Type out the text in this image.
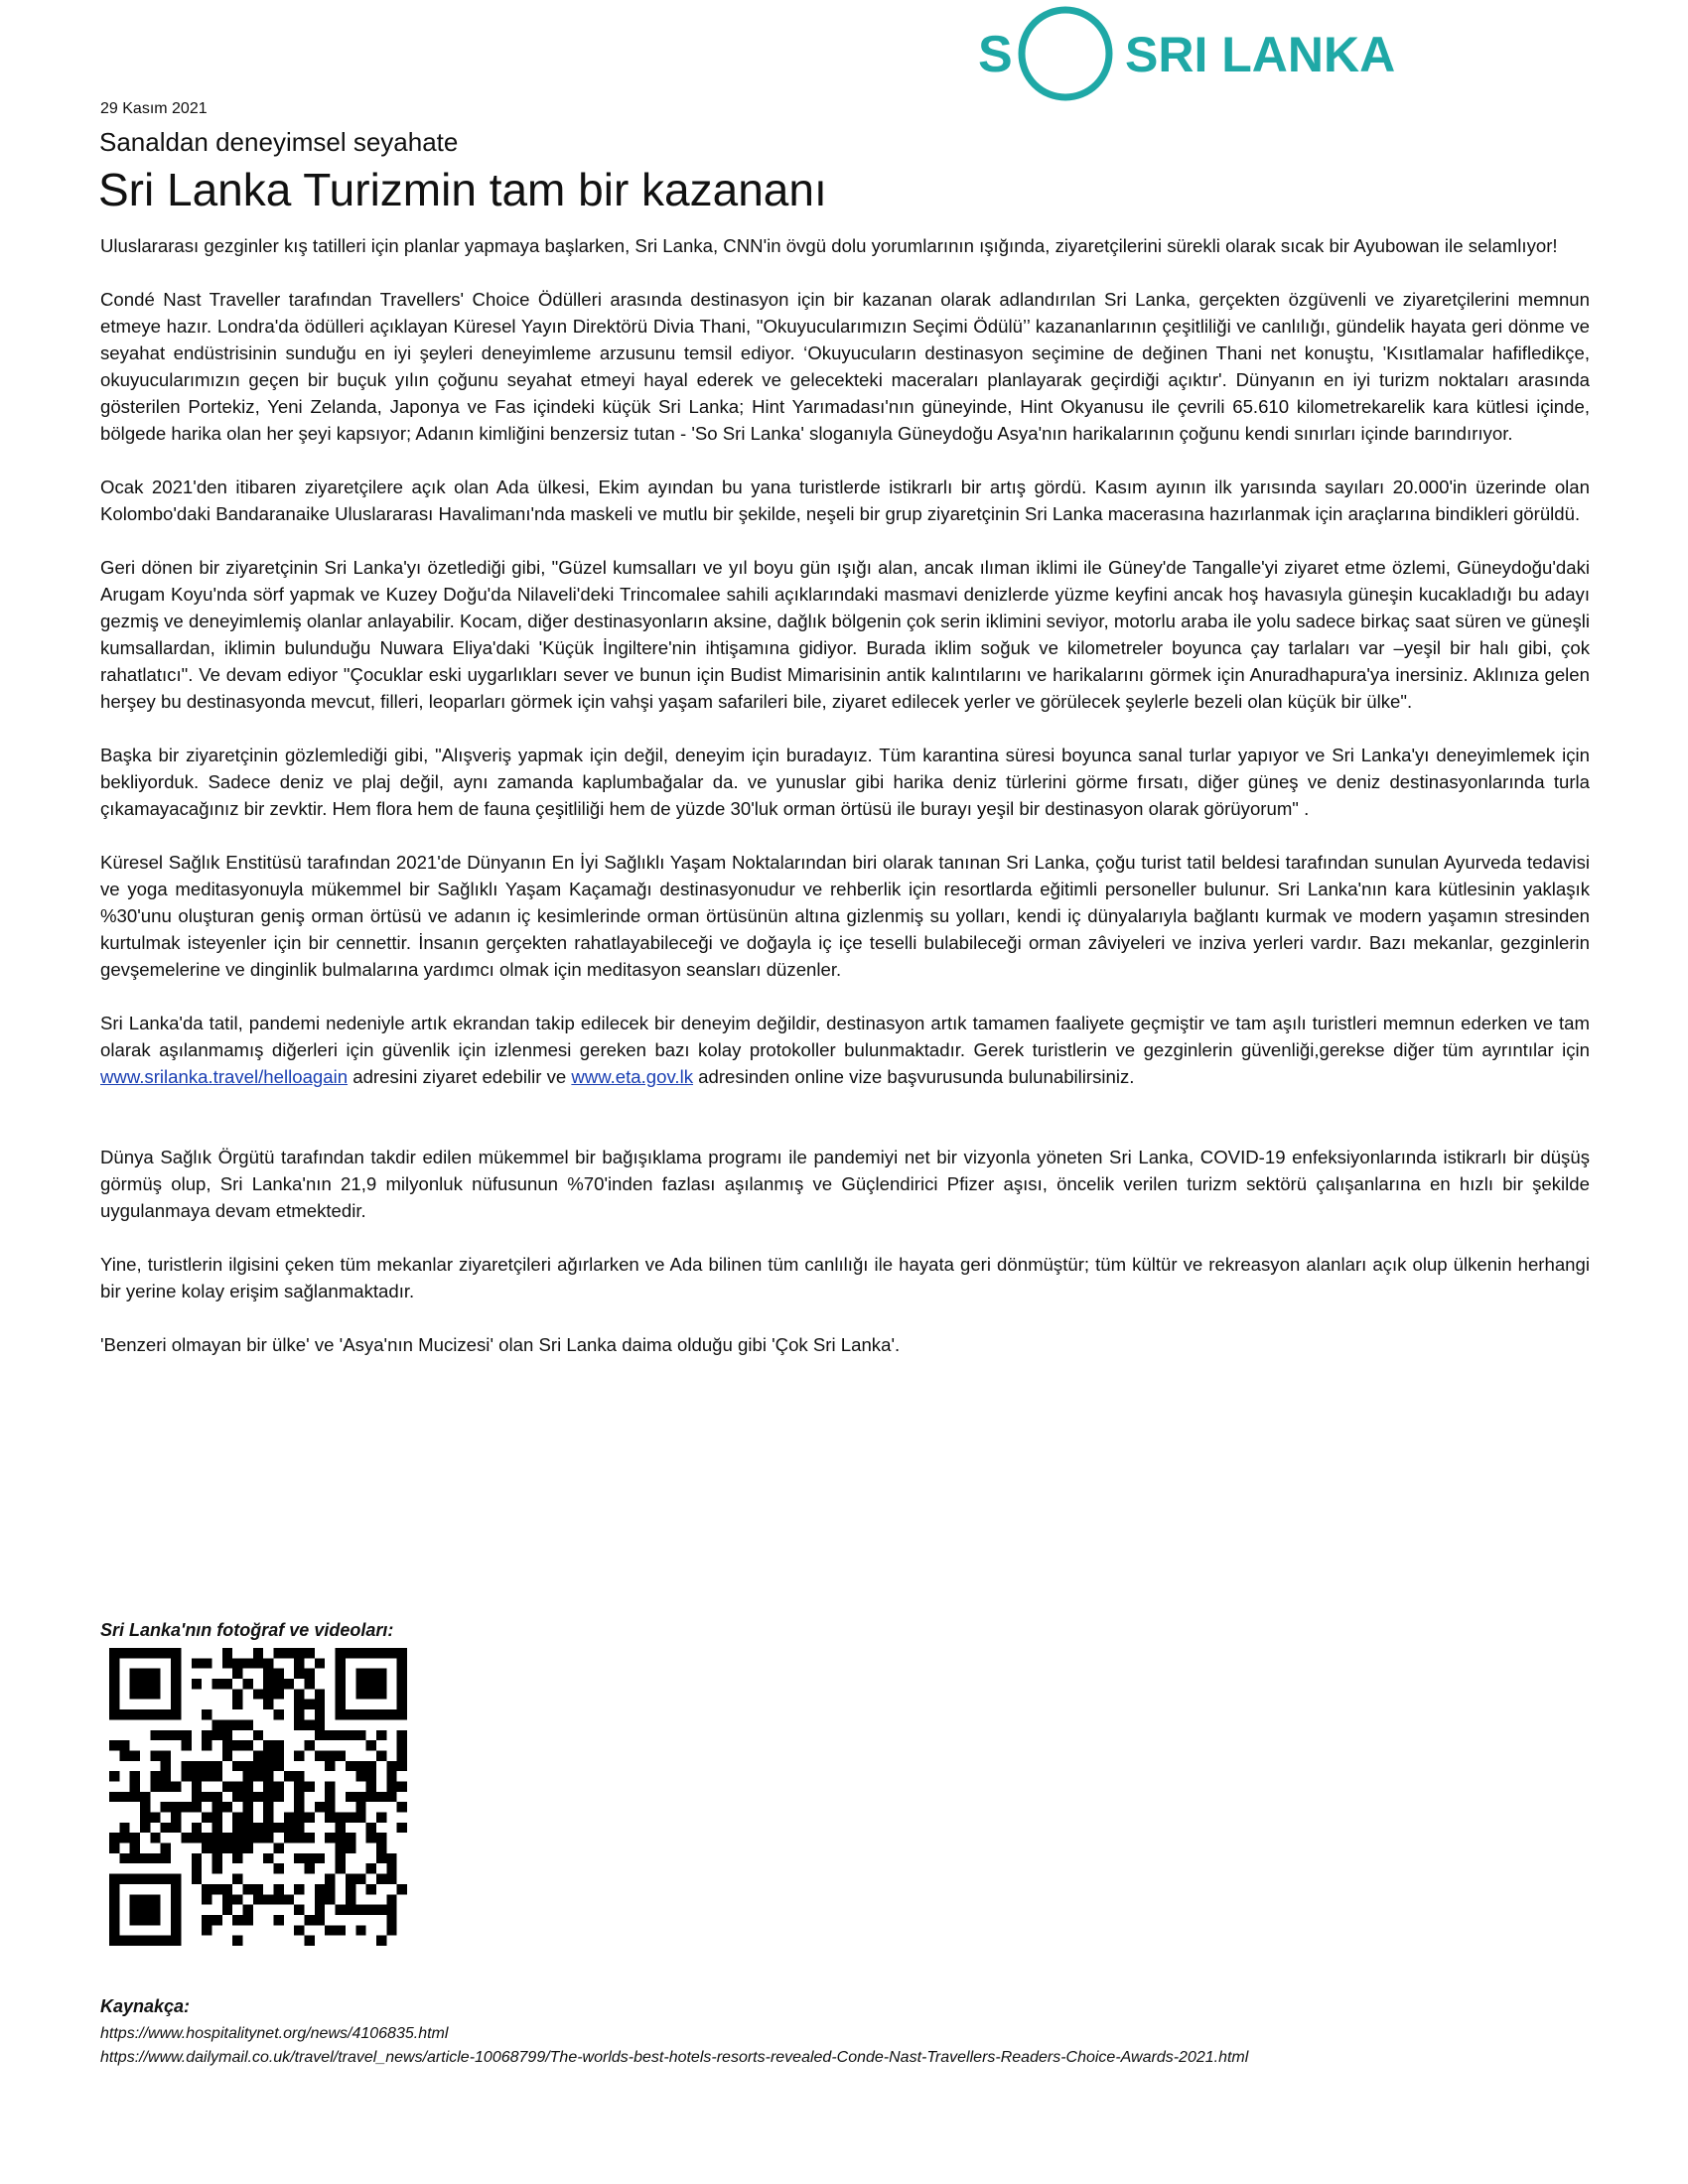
S SRI LANKA
29 Kasım 2021
Sanaldan deneyimsel seyahate
Sri Lanka Turizmin tam bir kazananı

Uluslararası gezginler kış tatilleri için planlar yapmaya başlarken, Sri Lanka, CNN'in övgü dolu yorumlarının ışığında, ziyaretçilerini sürekli olarak sıcak bir Ayubowan ile selamlıyor!

Condé Nast Traveller tarafından Travellers' Choice Ödülleri arasında destinasyon için bir kazanan olarak adlandırılan Sri Lanka, gerçekten özgüvenli ve ziyaretçilerini memnun etmeye hazır. Londra'da ödülleri açıklayan Küresel Yayın Direktörü Divia Thani, "Okuyucularımızın Seçimi Ödülü’’ kazananlarının çeşitliliği ve canlılığı, gündelik hayata geri dönme ve seyahat endüstrisinin sunduğu en iyi şeyleri deneyimleme arzusunu temsil ediyor. ‘Okuyucuların destinasyon seçimine de değinen Thani net konuştu, 'Kısıtlamalar hafifledikçe, okuyucularımızın geçen bir buçuk yılın çoğunu seyahat etmeyi hayal ederek ve gelecekteki maceraları planlayarak geçirdiği açıktır'. Dünyanın en iyi turizm noktaları arasında gösterilen Portekiz, Yeni Zelanda, Japonya ve Fas içindeki küçük Sri Lanka; Hint Yarımadası'nın güneyinde, Hint Okyanusu ile çevrili 65.610 kilometrekarelik kara kütlesi içinde, bölgede harika olan her şeyi kapsıyor; Adanın kimliğini benzersiz tutan - 'So Sri Lanka' sloganıyla Güneydoğu Asya'nın harikalarının çoğunu kendi sınırları içinde barındırıyor.

Ocak 2021'den itibaren ziyaretçilere açık olan Ada ülkesi, Ekim ayından bu yana turistlerde istikrarlı bir artış gördü. Kasım ayının ilk yarısında sayıları 20.000'in üzerinde olan Kolombo'daki Bandaranaike Uluslararası Havalimanı'nda maskeli ve mutlu bir şekilde, neşeli bir grup ziyaretçinin Sri Lanka macerasına hazırlanmak için araçlarına bindikleri görüldü.

Geri dönen bir ziyaretçinin Sri Lanka'yı özetlediği gibi, "Güzel kumsalları ve yıl boyu gün ışığı alan, ancak ılıman iklimi ile Güney'de Tangalle'yi ziyaret etme özlemi, Güneydoğu'daki Arugam Koyu'nda sörf yapmak ve Kuzey Doğu'da Nilaveli'deki Trincomalee sahili açıklarındaki masmavi denizlerde yüzme keyfini ancak hoş havasıyla güneşin kucakladığı bu adayı gezmiş ve deneyimlemiş olanlar anlayabilir. Kocam, diğer destinasyonların aksine, dağlık bölgenin çok serin iklimini seviyor, motorlu araba ile yolu sadece birkaç saat süren ve güneşli kumsallardan, iklimin bulunduğu Nuwara Eliya'daki 'Küçük İngiltere'nin ihtişamına gidiyor. Burada iklim soğuk ve kilometreler boyunca çay tarlaları var –yeşil bir halı gibi, çok rahatlatıcı". Ve devam ediyor "Çocuklar eski uygarlıkları sever ve bunun için Budist Mimarisinin antik kalıntılarını ve harikalarını görmek için Anuradhapura'ya inersiniz. Aklınıza gelen herşey bu destinasyonda mevcut, filleri, leoparları görmek için vahşi yaşam safarileri bile, ziyaret edilecek yerler ve görülecek şeylerle bezeli olan küçük bir ülke".

Başka bir ziyaretçinin gözlemlediği gibi, "Alışveriş yapmak için değil, deneyim için buradayız. Tüm karantina süresi boyunca sanal turlar yapıyor ve Sri Lanka'yı deneyimlemek için bekliyorduk. Sadece deniz ve plaj değil, aynı zamanda kaplumbağalar da. ve yunuslar gibi harika deniz türlerini görme fırsatı, diğer güneş ve deniz destinasyonlarında turla çıkamayacağınız bir zevktir. Hem flora hem de fauna çeşitliliği hem de yüzde 30'luk orman örtüsü ile burayı yeşil bir destinasyon olarak görüyorum" .

Küresel Sağlık Enstitüsü tarafından 2021'de Dünyanın En İyi Sağlıklı Yaşam Noktalarından biri olarak tanınan Sri Lanka, çoğu turist tatil beldesi tarafından sunulan Ayurveda tedavisi ve yoga meditasyonuyla mükemmel bir Sağlıklı Yaşam Kaçamağı destinasyonudur ve rehberlik için resortlarda eğitimli personeller bulunur. Sri Lanka'nın kara kütlesinin yaklaşık %30'unu oluşturan geniş orman örtüsü ve adanın iç kesimlerinde orman örtüsünün altına gizlenmiş su yolları, kendi iç dünyalarıyla bağlantı kurmak ve modern yaşamın stresinden kurtulmak isteyenler için bir cennettir. İnsanın gerçekten rahatlayabileceği ve doğayla iç içe teselli bulabileceği orman zâviyeleri ve inziva yerleri vardır. Bazı mekanlar, gezginlerin gevşemelerine ve dinginlik bulmalarına yardımcı olmak için meditasyon seansları düzenler.

Sri Lanka'da tatil, pandemi nedeniyle artık ekrandan takip edilecek bir deneyim değildir, destinasyon artık tamamen faaliyete geçmiştir ve tam aşılı turistleri memnun ederken ve tam olarak aşılanmamış diğerleri için güvenlik için izlenmesi gereken bazı kolay protokoller bulunmaktadır. Gerek turistlerin ve gezginlerin güvenliği,gerekse diğer tüm ayrıntılar için www.srilanka.travel/helloagain adresini ziyaret edebilir ve www.eta.gov.lk adresinden online vize başvurusunda bulunabilirsiniz.

Dünya Sağlık Örgütü tarafından takdir edilen mükemmel bir bağışıklama programı ile pandemiyi net bir vizyonla yöneten Sri Lanka, COVID-19 enfeksiyonlarında istikrarlı bir düşüş görmüş olup, Sri Lanka'nın 21,9 milyonluk nüfusunun %70'inden fazlası aşılanmış ve Güçlendirici Pfizer aşısı, öncelik verilen turizm sektörü çalışanlarına en hızlı bir şekilde uygulanmaya devam etmektedir.

Yine, turistlerin ilgisini çeken tüm mekanlar ziyaretçileri ağırlarken ve Ada bilinen tüm canlılığı ile hayata geri dönmüştür; tüm kültür ve rekreasyon alanları açık olup ülkenin herhangi bir yerine kolay erişim sağlanmaktadır.

'Benzeri olmayan bir ülke' ve 'Asya'nın Mucizesi' olan Sri Lanka daima olduğu gibi 'Çok Sri Lanka'.

Sri Lanka'nın fotoğraf ve videoları:
Kaynakça:
https://www.hospitalitynet.org/news/4106835.html
https://www.dailymail.co.uk/travel/travel_news/article-10068799/The-worlds-best-hotels-resorts-revealed-Conde-Nast-Travellers-Readers-Choice-Awards-2021.html
